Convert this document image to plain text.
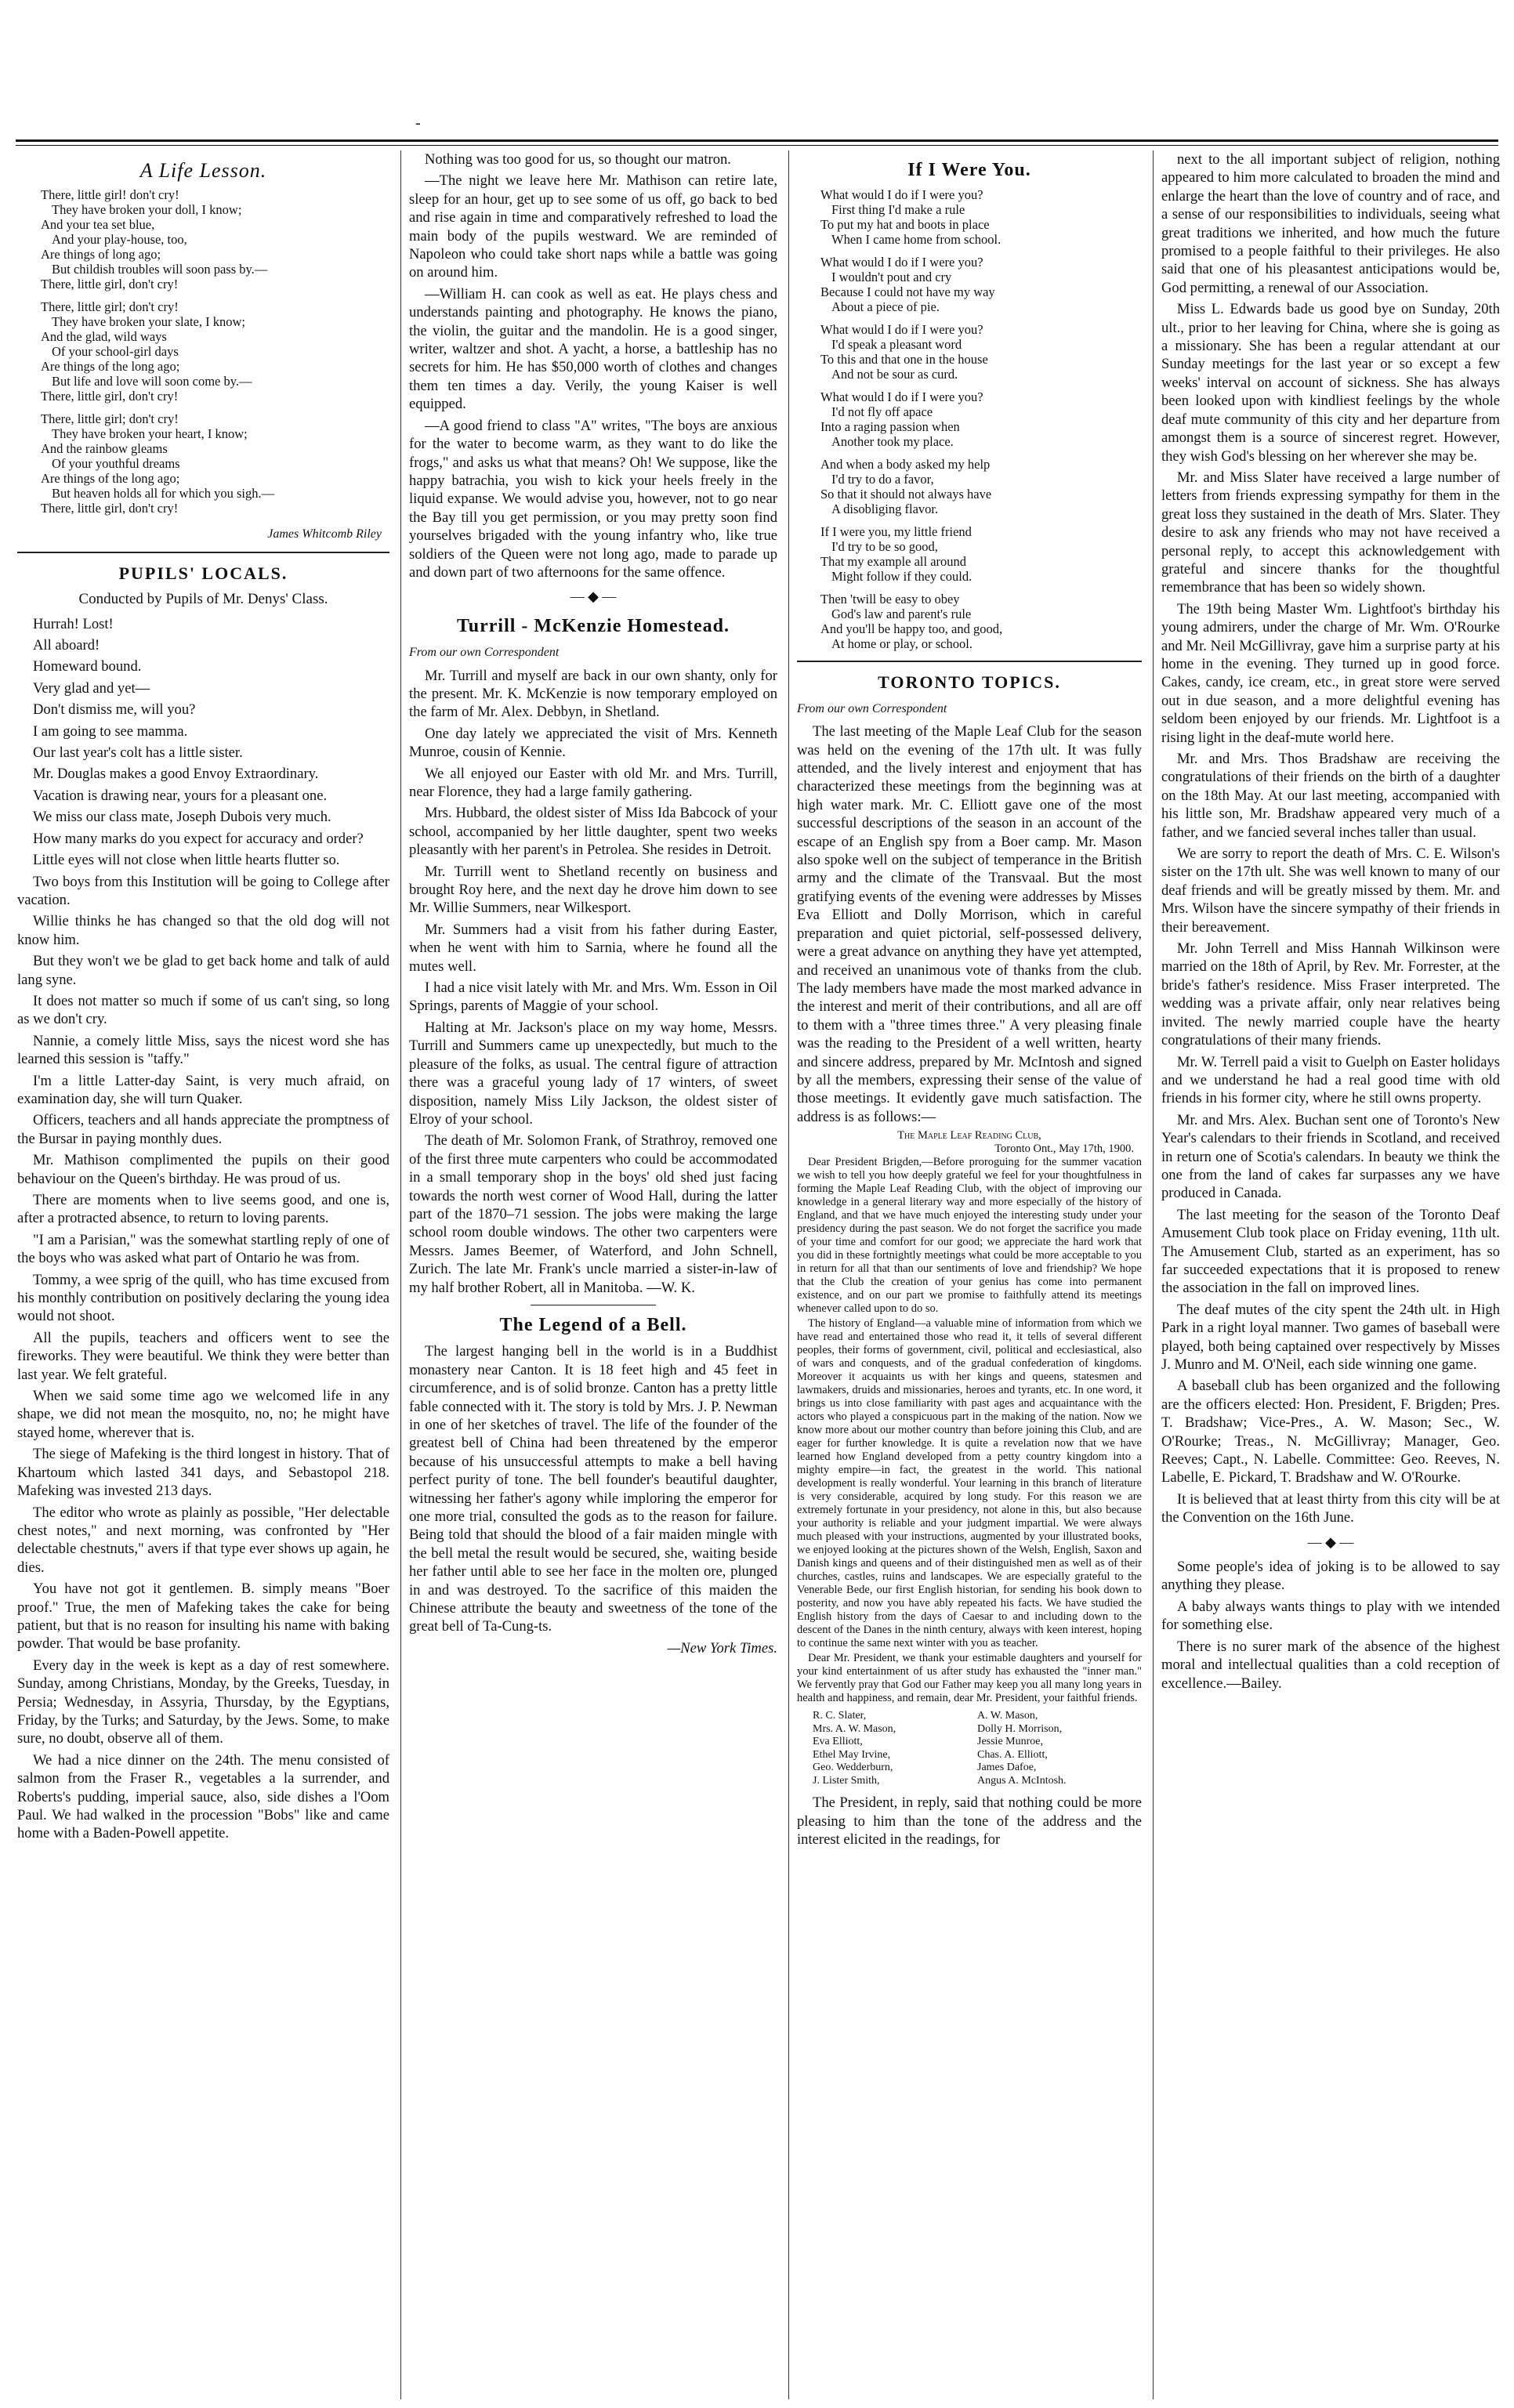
-
A Life Lesson.
There, little girl! don't cry!
They have broken your doll, I know;
And your tea set blue,
And your play-house, too,
Are things of long ago;
But childish troubles will soon pass by.—
There, little girl, don't cry!
There, little girl; don't cry!
They have broken your slate, I know;
And the glad, wild ways
Of your school-girl days
Are things of the long ago;
But life and love will soon come by.—
There, little girl, don't cry!
There, little girl; don't cry!
They have broken your heart, I know;
And the rainbow gleams
Of your youthful dreams
Are things of the long ago;
But heaven holds all for which you sigh.—
There, little girl, don't cry!
James Whitcomb Riley
PUPILS' LOCALS.
Conducted by Pupils of Mr. Denys' Class.

Hurrah! Lost!

All aboard!

Homeward bound.

Very glad and yet—

Don't dismiss me, will you?

I am going to see mamma.

Our last year's colt has a little sister.

Mr. Douglas makes a good Envoy Extraordinary.

Vacation is drawing near, yours for a pleasant one.

We miss our class mate, Joseph Dubois very much.

How many marks do you expect for accuracy and order?

Little eyes will not close when little hearts flutter so.

Two boys from this Institution will be going to College after vacation.

Willie thinks he has changed so that the old dog will not know him.

But they won't we be glad to get back home and talk of auld lang syne.

It does not matter so much if some of us can't sing, so long as we don't cry.

Nannie, a comely little Miss, says the nicest word she has learned this session is "taffy."

I'm a little Latter-day Saint, is very much afraid, on examination day, she will turn Quaker.

Officers, teachers and all hands appreciate the promptness of the Bursar in paying monthly dues.

Mr. Mathison complimented the pupils on their good behaviour on the Queen's birthday. He was proud of us.

There are moments when to live seems good, and one is, after a protracted absence, to return to loving parents.

"I am a Parisian," was the somewhat startling reply of one of the boys who was asked what part of Ontario he was from.

Tommy, a wee sprig of the quill, who has time excused from his monthly contribution on positively declaring the young idea would not shoot.

All the pupils, teachers and officers went to see the fireworks. They were beautiful. We think they were better than last year. We felt grateful.

When we said some time ago we welcomed life in any shape, we did not mean the mosquito, no, no; he might have stayed home, wherever that is.

The siege of Mafeking is the third longest in history. That of Khartoum which lasted 341 days, and Sebastopol 218. Mafeking was invested 213 days.

The editor who wrote as plainly as possible, "Her delectable chest notes," and next morning, was confronted by "Her delectable chestnuts," avers if that type ever shows up again, he dies.

You have not got it gentlemen. B. simply means "Boer proof." True, the men of Mafeking takes the cake for being patient, but that is no reason for insulting his name with baking powder. That would be base profanity.

Every day in the week is kept as a day of rest somewhere. Sunday, among Christians, Monday, by the Greeks, Tuesday, in Persia; Wednesday, in Assyria, Thursday, by the Egyptians, Friday, by the Turks; and Saturday, by the Jews. Some, to make sure, no doubt, observe all of them.

We had a nice dinner on the 24th. The menu consisted of salmon from the Fraser R., vegetables a la surrender, and Roberts's pudding, imperial sauce, also, side dishes a l'Oom Paul. We had walked in the procession "Bobs" like and came home with a Baden-Powell appetite.

Nothing was too good for us, so thought our matron.

—The night we leave here Mr. Mathison can retire late, sleep for an hour, get up to see some of us off, go back to bed and rise again in time and comparatively refreshed to load the main body of the pupils westward. We are reminded of Napoleon who could take short naps while a battle was going on around him.

—William H. can cook as well as eat. He plays chess and understands painting and photography. He knows the piano, the violin, the guitar and the mandolin. He is a good singer, writer, waltzer and shot. A yacht, a horse, a battleship has no secrets for him. He has $50,000 worth of clothes and changes them ten times a day. Verily, the young Kaiser is well equipped.

—A good friend to class "A" writes, "The boys are anxious for the water to become warm, as they want to do like the frogs," and asks us what that means? Oh! We suppose, like the happy batrachia, you wish to kick your heels freely in the liquid expanse. We would advise you, however, not to go near the Bay till you get permission, or you may pretty soon find yourselves brigaded with the young infantry who, like true soldiers of the Queen were not long ago, made to parade up and down part of two afternoons for the same offence.

— ◆ —
Turrill - McKenzie Homestead.
From our own Correspondent

Mr. Turrill and myself are back in our own shanty, only for the present. Mr. K. McKenzie is now temporary employed on the farm of Mr. Alex. Debbyn, in Shetland.

One day lately we appreciated the visit of Mrs. Kenneth Munroe, cousin of Kennie.

We all enjoyed our Easter with old Mr. and Mrs. Turrill, near Florence, they had a large family gathering.

Mrs. Hubbard, the oldest sister of Miss Ida Babcock of your school, accompanied by her little daughter, spent two weeks pleasantly with her parent's in Petrolea. She resides in Detroit.

Mr. Turrill went to Shetland recently on business and brought Roy here, and the next day he drove him down to see Mr. Willie Summers, near Wilkesport.

Mr. Summers had a visit from his father during Easter, when he went with him to Sarnia, where he found all the mutes well.

I had a nice visit lately with Mr. and Mrs. Wm. Esson in Oil Springs, parents of Maggie of your school.

Halting at Mr. Jackson's place on my way home, Messrs. Turrill and Summers came up unexpectedly, but much to the pleasure of the folks, as usual. The central figure of attraction there was a graceful young lady of 17 winters, of sweet disposition, namely Miss Lily Jackson, the oldest sister of Elroy of your school.

The death of Mr. Solomon Frank, of Strathroy, removed one of the first three mute carpenters who could be accommodated in a small temporary shop in the boys' old shed just facing towards the north west corner of Wood Hall, during the latter part of the 1870–71 session. The jobs were making the large school room double windows. The other two carpenters were Messrs. James Beemer, of Waterford, and John Schnell, Zurich. The late Mr. Frank's uncle married a sister-in-law of my half brother Robert, all in Manitoba. —W. K.

The Legend of a Bell.

The largest hanging bell in the world is in a Buddhist monastery near Canton. It is 18 feet high and 45 feet in circumference, and is of solid bronze. Canton has a pretty little fable connected with it. The story is told by Mrs. J. P. Newman in one of her sketches of travel. The life of the founder of the greatest bell of China had been threatened by the emperor because of his unsuccessful attempts to make a bell having perfect purity of tone. The bell founder's beautiful daughter, witnessing her father's agony while imploring the emperor for one more trial, consulted the gods as to the reason for failure. Being told that should the blood of a fair maiden mingle with the bell metal the result would be secured, she, waiting beside her father until able to see her face in the molten ore, plunged in and was destroyed. To the sacrifice of this maiden the Chinese attribute the beauty and sweetness of the tone of the great bell of Ta-Cung-ts.

—New York Times.
If I Were You.
What would I do if I were you?
First thing I'd make a rule
To put my hat and boots in place
When I came home from school.
What would I do if I were you?
I wouldn't pout and cry
Because I could not have my way
About a piece of pie.
What would I do if I were you?
I'd speak a pleasant word
To this and that one in the house
And not be sour as curd.
What would I do if I were you?
I'd not fly off apace
Into a raging passion when
Another took my place.
And when a body asked my help
I'd try to do a favor,
So that it should not always have
A disobliging flavor.
If I were you, my little friend
I'd try to be so good,
That my example all around
Might follow if they could.
Then 'twill be easy to obey
God's law and parent's rule
And you'll be happy too, and good,
At home or play, or school.
TORONTO TOPICS.
From our own Correspondent

The last meeting of the Maple Leaf Club for the season was held on the evening of the 17th ult. It was fully attended, and the lively interest and enjoyment that has characterized these meetings from the beginning was at high water mark. Mr. C. Elliott gave one of the most successful descriptions of the season in an account of the escape of an English spy from a Boer camp. Mr. Mason also spoke well on the subject of temperance in the British army and the climate of the Transvaal. But the most gratifying events of the evening were addresses by Misses Eva Elliott and Dolly Morrison, which in careful preparation and quiet pictorial, self-possessed delivery, were a great advance on anything they have yet attempted, and received an unanimous vote of thanks from the club. The lady members have made the most marked advance in the interest and merit of their contributions, and all are off to them with a "three times three." A very pleasing finale was the reading to the President of a well written, hearty and sincere address, prepared by Mr. McIntosh and signed by all the members, expressing their sense of the value of those meetings. It evidently gave much satisfaction. The address is as follows:—

The Maple Leaf Reading Club,
Toronto Ont., May 17th, 1900.

Dear President Brigden,—Before proroguing for the summer vacation we wish to tell you how deeply grateful we feel for your thoughtfulness in forming the Maple Leaf Reading Club, with the object of improving our knowledge in a general literary way and more especially of the history of England, and that we have much enjoyed the interesting study under your presidency during the past season. We do not forget the sacrifice you made of your time and comfort for our good; we appreciate the hard work that you did in these fortnightly meetings what could be more acceptable to you in return for all that than our sentiments of love and friendship? We hope that the Club the creation of your genius has come into permanent existence, and on our part we promise to faithfully attend its meetings whenever called upon to do so.

The history of England—a valuable mine of information from which we have read and entertained those who read it, it tells of several different peoples, their forms of government, civil, political and ecclesiastical, also of wars and conquests, and of the gradual confederation of kingdoms. Moreover it acquaints us with her kings and queens, statesmen and lawmakers, druids and missionaries, heroes and tyrants, etc. In one word, it brings us into close familiarity with past ages and acquaintance with the actors who played a conspicuous part in the making of the nation. Now we know more about our mother country than before joining this Club, and are eager for further knowledge. It is quite a revelation now that we have learned how England developed from a petty country kingdom into a mighty empire—in fact, the greatest in the world. This national development is really wonderful. Your learning in this branch of literature is very considerable, acquired by long study. For this reason we are extremely fortunate in your presidency, not alone in this, but also because your authority is reliable and your judgment impartial. We were always much pleased with your instructions, augmented by your illustrated books, we enjoyed looking at the pictures shown of the Welsh, English, Saxon and Danish kings and queens and of their distinguished men as well as of their churches, castles, ruins and landscapes. We are especially grateful to the Venerable Bede, our first English historian, for sending his book down to posterity, and now you have ably repeated his facts. We have studied the English history from the days of Caesar to and including down to the descent of the Danes in the ninth century, always with keen interest, hoping to continue the same next winter with you as teacher.

Dear Mr. President, we thank your estimable daughters and yourself for your kind entertainment of us after study has exhausted the "inner man." We fervently pray that God our Father may keep you all many long years in health and happiness, and remain, dear Mr. President, your faithful friends.

R. C. Slater,	A. W. Mason,
Mrs. A. W. Mason,	Dolly H. Morrison,
Eva Elliott,	Jessie Munroe,
Ethel May Irvine,	Chas. A. Elliott,
Geo. Wedderburn,	James Dafoe,
J. Lister Smith,	Angus A. McIntosh.

The President, in reply, said that nothing could be more pleasing to him than the tone of the address and the interest elicited in the readings, for

next to the all important subject of religion, nothing appeared to him more calculated to broaden the mind and enlarge the heart than the love of country and of race, and a sense of our responsibilities to individuals, seeing what great traditions we inherited, and how much the future promised to a people faithful to their privileges. He also said that one of his pleasantest anticipations would be, God permitting, a renewal of our Association.

Miss L. Edwards bade us good bye on Sunday, 20th ult., prior to her leaving for China, where she is going as a missionary. She has been a regular attendant at our Sunday meetings for the last year or so except a few weeks' interval on account of sickness. She has always been looked upon with kindliest feelings by the whole deaf mute community of this city and her departure from amongst them is a source of sincerest regret. However, they wish God's blessing on her wherever she may be.

Mr. and Miss Slater have received a large number of letters from friends expressing sympathy for them in the great loss they sustained in the death of Mrs. Slater. They desire to ask any friends who may not have received a personal reply, to accept this acknowledgement with grateful and sincere thanks for the thoughtful remembrance that has been so widely shown.

The 19th being Master Wm. Lightfoot's birthday his young admirers, under the charge of Mr. Wm. O'Rourke and Mr. Neil McGillivray, gave him a surprise party at his home in the evening. They turned up in good force. Cakes, candy, ice cream, etc., in great store were served out in due season, and a more delightful evening has seldom been enjoyed by our friends. Mr. Lightfoot is a rising light in the deaf-mute world here.

Mr. and Mrs. Thos Bradshaw are receiving the congratulations of their friends on the birth of a daughter on the 18th May. At our last meeting, accompanied with his little son, Mr. Bradshaw appeared very much of a father, and we fancied several inches taller than usual.

We are sorry to report the death of Mrs. C. E. Wilson's sister on the 17th ult. She was well known to many of our deaf friends and will be greatly missed by them. Mr. and Mrs. Wilson have the sincere sympathy of their friends in their bereavement.

Mr. John Terrell and Miss Hannah Wilkinson were married on the 18th of April, by Rev. Mr. Forrester, at the bride's father's residence. Miss Fraser interpreted. The wedding was a private affair, only near relatives being invited. The newly married couple have the hearty congratulations of their many friends.

Mr. W. Terrell paid a visit to Guelph on Easter holidays and we understand he had a real good time with old friends in his former city, where he still owns property.

Mr. and Mrs. Alex. Buchan sent one of Toronto's New Year's calendars to their friends in Scotland, and received in return one of Scotia's calendars. In beauty we think the one from the land of cakes far surpasses any we have produced in Canada.

The last meeting for the season of the Toronto Deaf Amusement Club took place on Friday evening, 11th ult. The Amusement Club, started as an experiment, has so far succeeded expectations that it is proposed to renew the association in the fall on improved lines.

The deaf mutes of the city spent the 24th ult. in High Park in a right loyal manner. Two games of baseball were played, both being captained over respectively by Misses J. Munro and M. O'Neil, each side winning one game.

A baseball club has been organized and the following are the officers elected: Hon. President, F. Brigden; Pres. T. Bradshaw; Vice-Pres., A. W. Mason; Sec., W. O'Rourke; Treas., N. McGillivray; Manager, Geo. Reeves; Capt., N. Labelle. Committee: Geo. Reeves, N. Labelle, E. Pickard, T. Bradshaw and W. O'Rourke.

It is believed that at least thirty from this city will be at the Convention on the 16th June.

— ◆ —

Some people's idea of joking is to be allowed to say anything they please.

A baby always wants things to play with we intended for something else.

There is no surer mark of the absence of the highest moral and intellectual qualities than a cold reception of excellence.—Bailey.
